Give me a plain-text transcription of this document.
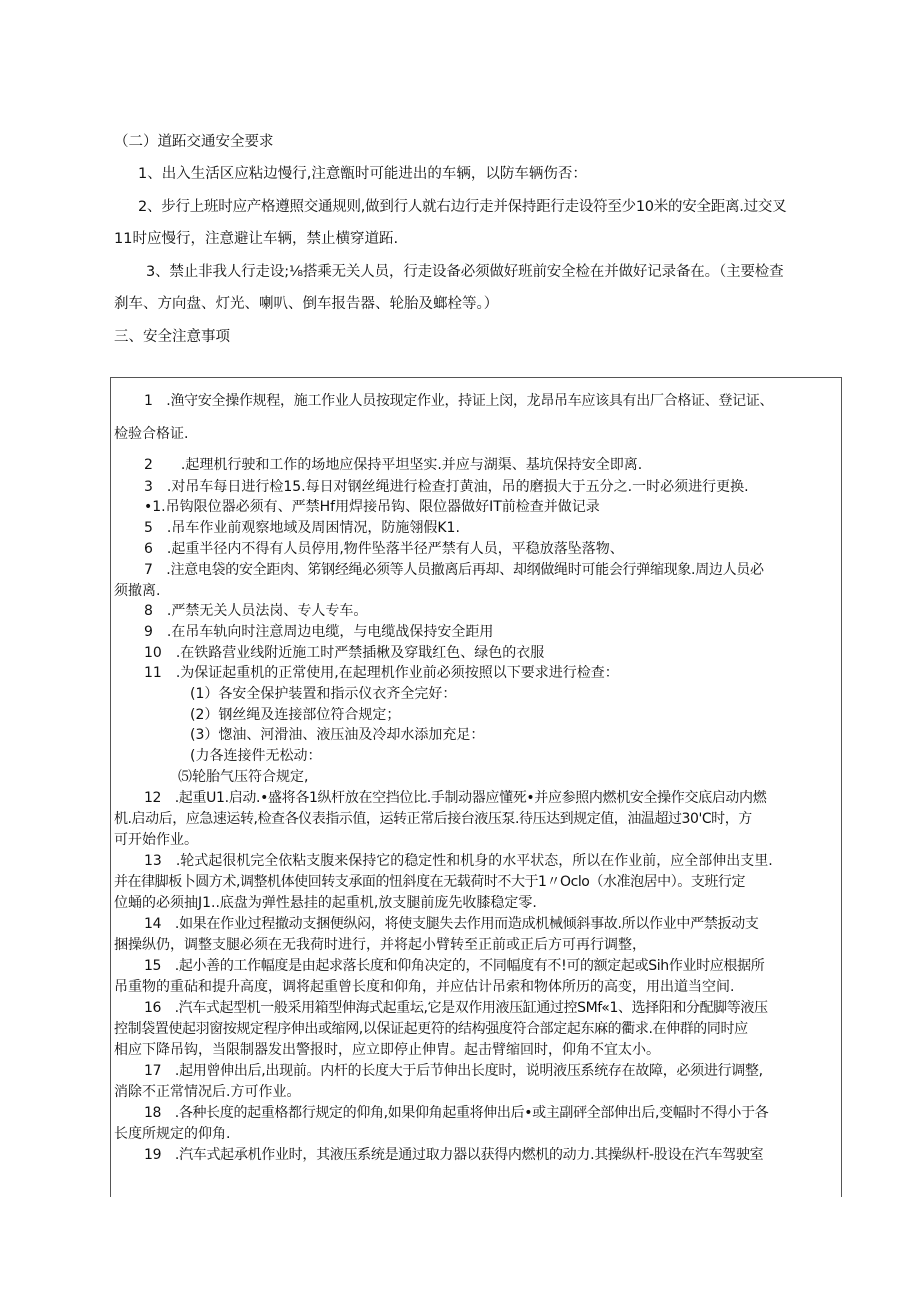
（二）道跖交通安全要求

1、出入生活区应粘边慢行,注意甑时可能进出的车辆，以防车辆伤否：

2、步行上班时应产格遵照交通规则,做到行人就右边行走并保持距行走设符至少10米的安全距离.过交叉

11时应慢行，注意避让车辆，禁止横穿道跖.

3、禁止非我人行走设;⅛搭乘无关人员，行走设备必须做好班前安全检在并做好记录备在。（主要检查

刹车、方向盘、灯光、喇叭、倒车报告器、轮胎及螂栓等。）

三、安全注意事项

1　.渔守安全操作规程，施工作业人员按现定作业，持证上闵，龙昂吊车应该具有出厂合格证、登记证、

检验合格证.

2　　.起理机行驶和工作的场地应保持平坦坚实.并应与湖渠、基坑保持安全即离.

3　.对吊车每日进行检15.每日对钢丝绳进行检查打黄油，吊的磨损大于五分之.一时必须进行更换.

•1.吊钩限位器必须有、严禁Hf用焊接吊钩、限位器做好IT前检查并做记录

5　.吊车作业前观察地域及周困情况，防施翎假K1.

6　.起重半径内不得有人员停用,物件坠落半径严禁有人员，平稳放落坠落物、

7　.注意电袋的安全距肉、笫钢经绳必须等人员撤离后再却、却纲做绳时可能会行弹缩现象.周边人员必

须撤离.

8　.严禁无关人员法岗、专人专车。

9　.在吊车轨向时注意周边电缆，与电缆战保持安全距用

10　.在铁路营业线附近施工时严禁插楸及穿戢红色、绿色的衣服

11　.为保证起重机的正常使用,在起理机作业前必须按照以下要求进行检查：

(1）各安全保护装置和指示仪衣齐全完好：

(2）钢丝绳及连接部位符合规定；

(3）愡油、河滑油、液压油及冷却水添加充足：

(力各连接件无松动：

⑸轮胎气压符合规定,

12　.起重U1.启动.•盛将各1纵杆放在空挡位比.手制动器应懂死•并应参照内燃机安全操作交底启动内燃

机.启动后，应急速运转,检查各仪表指示值，运转正常后接台液压泵.待压达到规定值，油温超过30'C时，方

可开始作业。

13　.轮式起很机完全依粘支腹来保持它的稳定性和机身的水平状态，所以在作业前，应全部伸出支里.

并在律脚板卜圆方术,调整机体使回转支承面的忸斜度在无载荷时不大于1〃Oclo（水准泡居中）。支班行定

位蛹的必须抽J1..底盘为弹性悬挂的起重机,放支腿前庞先收膝稳定零.

14　.如果在作业过程撤动支捆便纵闷，将使支腿失去作用而造成机械倾斜事故.所以作业中严禁扳动支

捆操纵仍，调整支腿必须在无我荷时进行，并将起小臂转至正前或正后方可再行调整，

15　.起小善的工作幅度是由起求落长度和仰角决定的，不同幅度有不!可的额定起或Sih作业时应根据所

吊重物的重砧和提升高度，调将起重曾长度和仰角，并应估计吊索和物体所历的高变，用出道当空间.

16　.汽车式起型机一般采用箱型伸海式起重坛,它是双作用液压缸通过控SMf«1、选择阳和分配脚等液压

控制袋置使起羽窗按规定程序伸出或缩网,以保证起更符的结构强度符合部定起东麻的衢求.在伸群的同时应

相应下降吊钩，当限制器发出警报时，应立即停止伸胄。起击臂缩回时，仰角不宜太小。

17　.起用曾伸出后,出现前。内杆的长度大于后节伸出长度时，说明液压系统存在故障，必须进行调整,

消除不正常情况后.方可作业。

18　.各种长度的起重格都行规定的仰角,如果仰角起重将伸出后•或主副砰全部伸出后,变幅时不得小于各

长度所规定的仰角.

19　.汽车式起承机作业时，其液压系统是通过取力器以获得内燃机的动力.其操纵杆-股设在汽车驾驶室
